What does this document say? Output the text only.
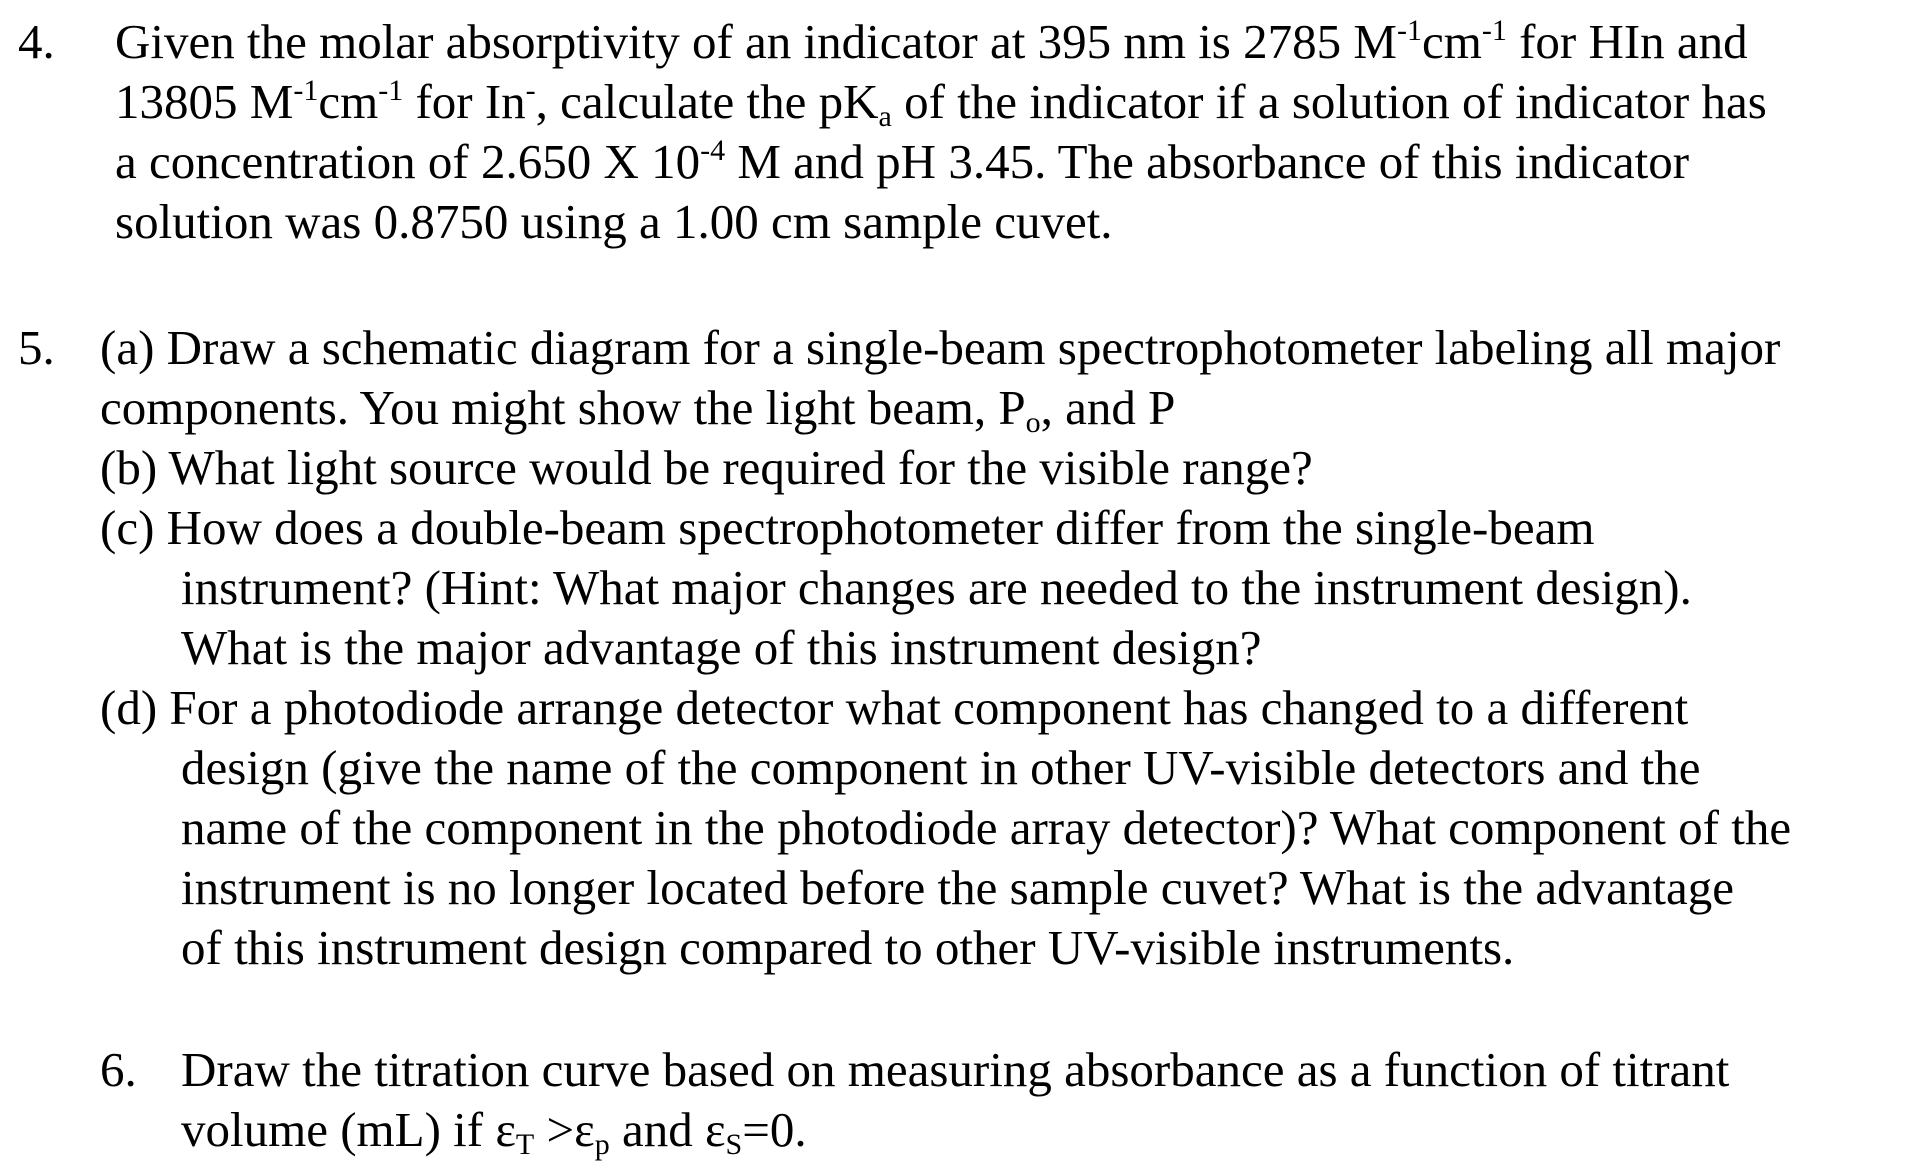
4. Given the molar absorptivity of an indicator at 395 nm is 2785 $M^{-1}cm^{-1}$ for HIn and
13805 $M^{-1}cm^{-1}$ for In-, calculate the $pK_a$ of the indicator if a solution of indicator has
a concentration of 2.650 X $10^{-4}$ M and pH 3.45. The absorbance of this indicator
solution was 0.8750 using a 1.00 cm sample cuvet.
5. (a) Draw a schematic diagram for a single-beam spectrophotometer labeling all major
components. You might show the light beam, $P_o$, and P
(b) What light source would be required for the visible range?
(c) How does a double-beam spectrophotometer differ from the single-beam
instrument? (Hint: What major changes are needed to the instrument design).
What is the major advantage of this instrument design?
(d) For a photodiode arrange detector what component has changed to a different
design (give the name of the component in other UV-visible detectors and the
name of the component in the photodiode array detector)? What component of the
instrument is no longer located before the sample cuvet? What is the advantage
of this instrument design compared to other UV-visible instruments.
6. Draw the titration curve based on measuring absorbance as a function of titrant
volume (mL) if $\varepsilon_T >\varepsilon_p$ and $\varepsilon_S=0$.
